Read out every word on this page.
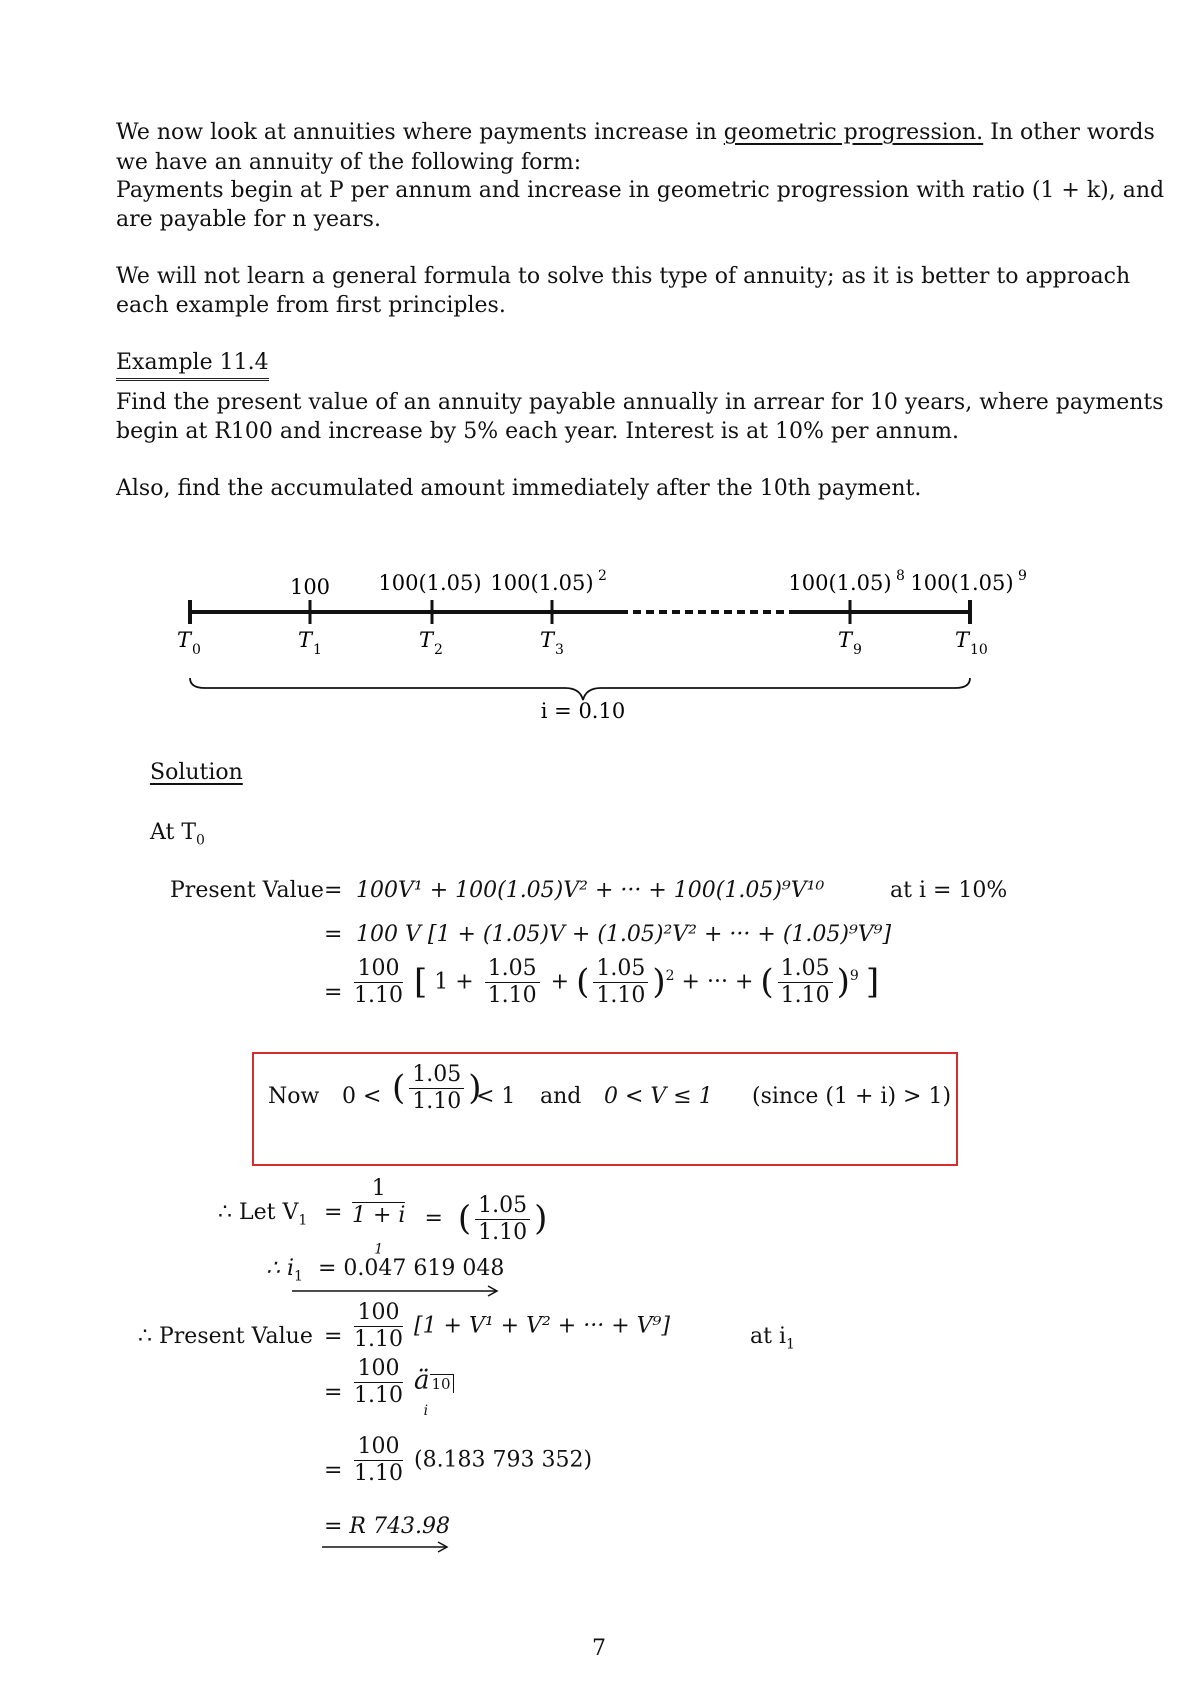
We now look at annuities where payments increase in geometric progression. In other words
we have an annuity of the following form:
Payments begin at P per annum and increase in geometric progression with ratio (1 + k), and
are payable for n years.
We will not learn a general formula to solve this type of annuity; as it is better to approach
each example from first principles.
Example 11.4
Find the present value of an annuity payable annually in arrear for 10 years, where payments
begin at R100 and increase by 5% each year. Interest is at 10% per annum.
Also, find the accumulated amount immediately after the 10th payment.
100 100(1.05) 100(1.05) 2	100(1.05) 8 100(1.05) 9
T 0	T 1	T 2	T 3	T 9	T 10
i = 0.10
Solution
At $T_0$
Present Value = 100V¹ + 100(1.05)V² + ··· + 100(1.05)⁹V¹⁰	at i = 10%
= 100 V [1 + (1.05)V + (1.05)²V² + ··· + (1.05)⁹V⁹]
= $\frac{100}{1.10}$ [ $1 + \frac{1.05}{1.10}$ + ( $\frac{1.05}{1.10} )^2$ + ··· + ( $\frac{1.05}{1.10} )^9$ ]
Now 0 < ( $\frac{1.05}{1.10}$ )
< 1 and 0 < V ≤ 1 (since (1 + i) > 1)
∴ Let $V_1 = 1$
1 + i
$_1$ = ( $\frac{1.05}{1.10}$ )
∴ $i_1 = 0.047$ 619 048
∴ Present Value = $\frac{100}{1.10} [1 + V^1 + V^2$ + ··· + V⁹]	at $i_1$
= $\frac{100}{1.10}$ ä $10_i$
= $\frac{100}{1.10} (8.183$ 793 352)
= R 743.98
7
